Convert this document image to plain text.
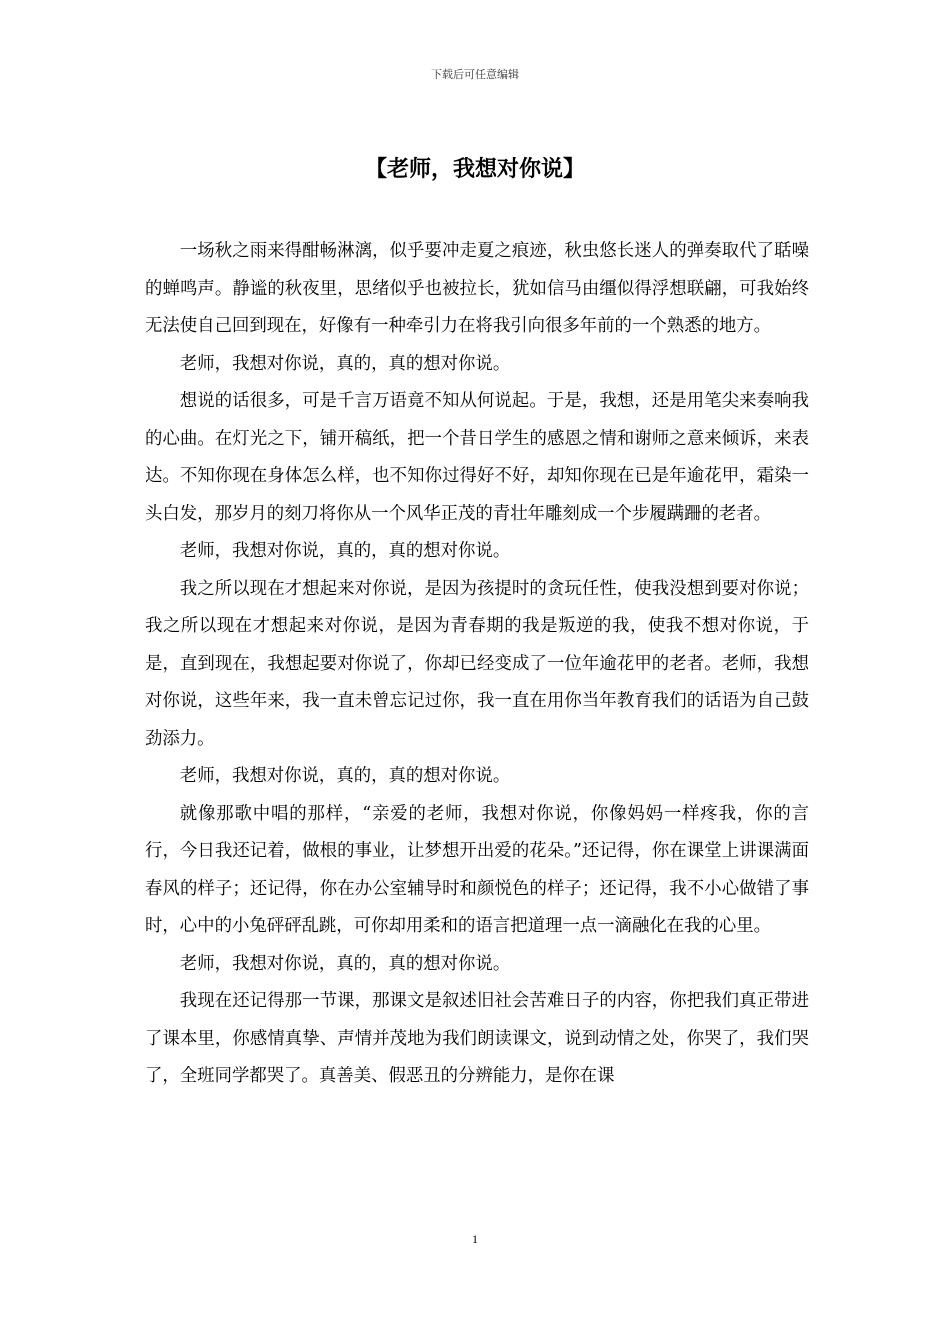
下载后可任意编辑
【老师，我想对你说】

一场秋之雨来得酣畅淋漓，似乎要冲走夏之痕迹，秋虫悠长迷人的弹奏取代了聒噪的蝉鸣声。静谧的秋夜里，思绪似乎也被拉长，犹如信马由缰似得浮想联翩，可我始终无法使自己回到现在，好像有一种牵引力在将我引向很多年前的一个熟悉的地方。

老师，我想对你说，真的，真的想对你说。

想说的话很多，可是千言万语竟不知从何说起。于是，我想，还是用笔尖来奏响我的心曲。在灯光之下，铺开稿纸，把一个昔日学生的感恩之情和谢师之意来倾诉，来表达。不知你现在身体怎么样，也不知你过得好不好，却知你现在已是年逾花甲，霜染一头白发，那岁月的刻刀将你从一个风华正茂的青壮年雕刻成一个步履蹒跚的老者。

老师，我想对你说，真的，真的想对你说。

我之所以现在才想起来对你说，是因为孩提时的贪玩任性，使我没想到要对你说；我之所以现在才想起来对你说，是因为青春期的我是叛逆的我，使我不想对你说，于是，直到现在，我想起要对你说了，你却已经变成了一位年逾花甲的老者。老师，我想对你说，这些年来，我一直未曾忘记过你，我一直在用你当年教育我们的话语为自己鼓劲添力。

老师，我想对你说，真的，真的想对你说。

就像那歌中唱的那样，“亲爱的老师，我想对你说，你像妈妈一样疼我，你的言行，今日我还记着，做根的事业，让梦想开出爱的花朵。”还记得，你在课堂上讲课满面春风的样子；还记得，你在办公室辅导时和颜悦色的样子；还记得，我不小心做错了事时，心中的小兔砰砰乱跳，可你却用柔和的语言把道理一点一滴融化在我的心里。

老师，我想对你说，真的，真的想对你说。

我现在还记得那一节课，那课文是叙述旧社会苦难日子的内容，你把我们真正带进了课本里，你感情真挚、声情并茂地为我们朗读课文，说到动情之处，你哭了，我们哭了，全班同学都哭了。真善美、假恶丑的分辨能力，是你在课

1
